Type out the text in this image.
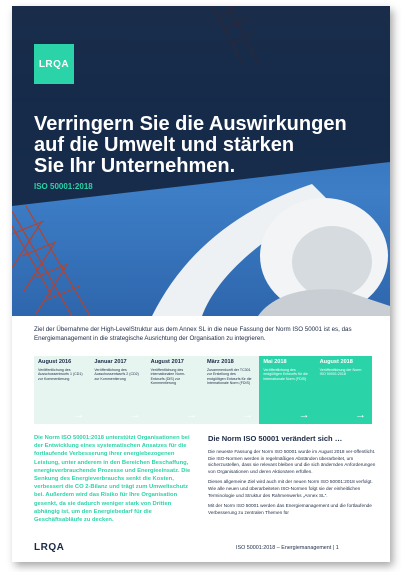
LRQA
Verringern Sie die Auswirkungen
auf die Umwelt und stärken
Sie Ihr Unternehmen.
ISO 50001:2018

Ziel der Übernahme der High-LevelStruktur aus dem Annex SL in die neue Fassung der Norm ISO 50001 ist es, das Energiemanagement in die strategische Ausrichtung der Organisation zu integrieren.

August 2016
Veröffentlichung des Ausschussentwurfs 1 (CD1) zur Kommentierung
→
Januar 2017
Veröffentlichung des Ausschussentwurfs 2 (CD2) zur Kommentierung
→
August 2017
Veröffentlichung des internationalen Norm-Entwurfs (DIS) zur Kommentierung
→
März 2018
Zusammenkunft der TC301 zur Erstellung des endgültigen Entwurfs für die Internationale Norm (FDIS)
→
Mai 2018
Veröffentlichung des endgültigen Entwurfs für die internationale Norm (FDIS)
→
August 2018
Veröffentlichung der Norm ISO 50001:2018
→

Die Norm ISO 50001:2018 unterstützt Organisationen bei der Entwicklung eines systematischen Ansatzes für die fortlaufende Verbesserung ihrer energiebezogenen Leistung, unter anderem in den Bereichen Beschaffung, energieverbrauchende Prozesse und Energieeinsatz. Die Senkung des Energieverbrauchs senkt die Kosten, verbessert die CO 2-Bilanz und trägt zum Umweltschutz bei. Außerdem wird das Risiko für Ihre Organisation gesenkt, da sie dadurch weniger stark von Dritten abhängig ist, um den Energiebedarf für die Geschäftsabläufe zu decken.

Die Norm ISO 50001 verändert sich …

Die neueste Fassung der Norm ISO 50001 wurde im August 2018 ver-öffentlicht. Die ISO-Normen werden in regelmäßigen Abständen überarbeitet, um sicherzustellen, dass sie relevant bleiben und die sich ändernden Anforderungen von Organisationen und deren Aktionären erfüllen.

Dieses allgemeine Ziel wird auch mit der neuen Norm ISO 50001:2018 verfolgt. Wie alle neuen und überarbeiteten ISO-Normen folgt sie der einheitlichen Terminologie und Struktur des Rahmenwerks „Annex SL“.

Mit der Norm ISO 50001 werden das Energiemanagement und die fortlaufende Verbesserung zu zentralen Themen für

LRQA	ISO 50001:2018 – Energiemanagement | 1
